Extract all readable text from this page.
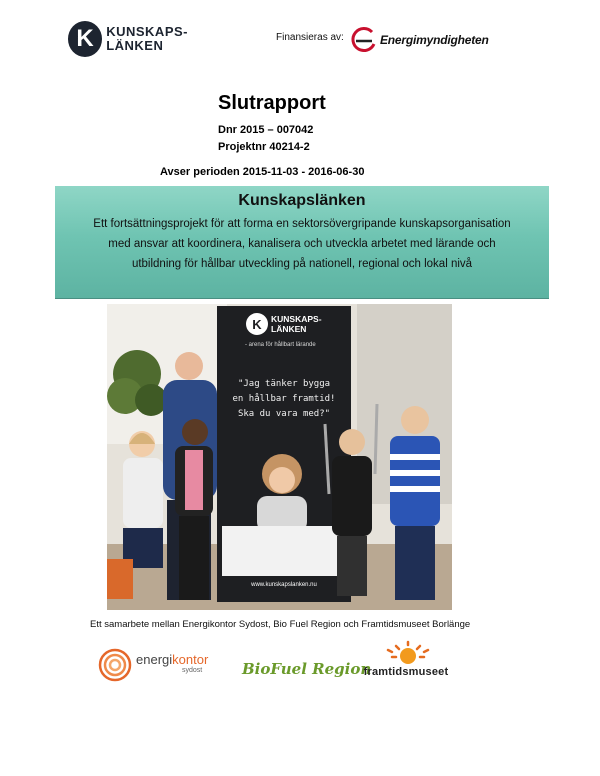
K KUNSKAPS-
LÄNKEN
Finansieras av:	Energimyndigheten
Slutrapport
Dnr 2015 – 007042
Projektnr 40214-2
Avser perioden 2015-11-03 - 2016-06-30
Kunskapslänken
Ett fortsättningsprojekt för att forma en sektorsövergripande kunskapsorganisation med ansvar att koordinera, kanalisera och utveckla arbetet med lärande och utbildning för hållbar utveckling på nationell, regional och lokal nivå
K KUNSKAPS-
LÄNKEN
- arena för hållbart lärande
"Jag tänker bygga
en hållbar framtid!
Ska du vara med?"
www.kunskapslanken.nu
Ett samarbete mellan Energikontor Sydost, Bio Fuel Region och Framtidsmuseet Borlänge
energikontor
sydost	BioFuel Region
framtidsmuseet
